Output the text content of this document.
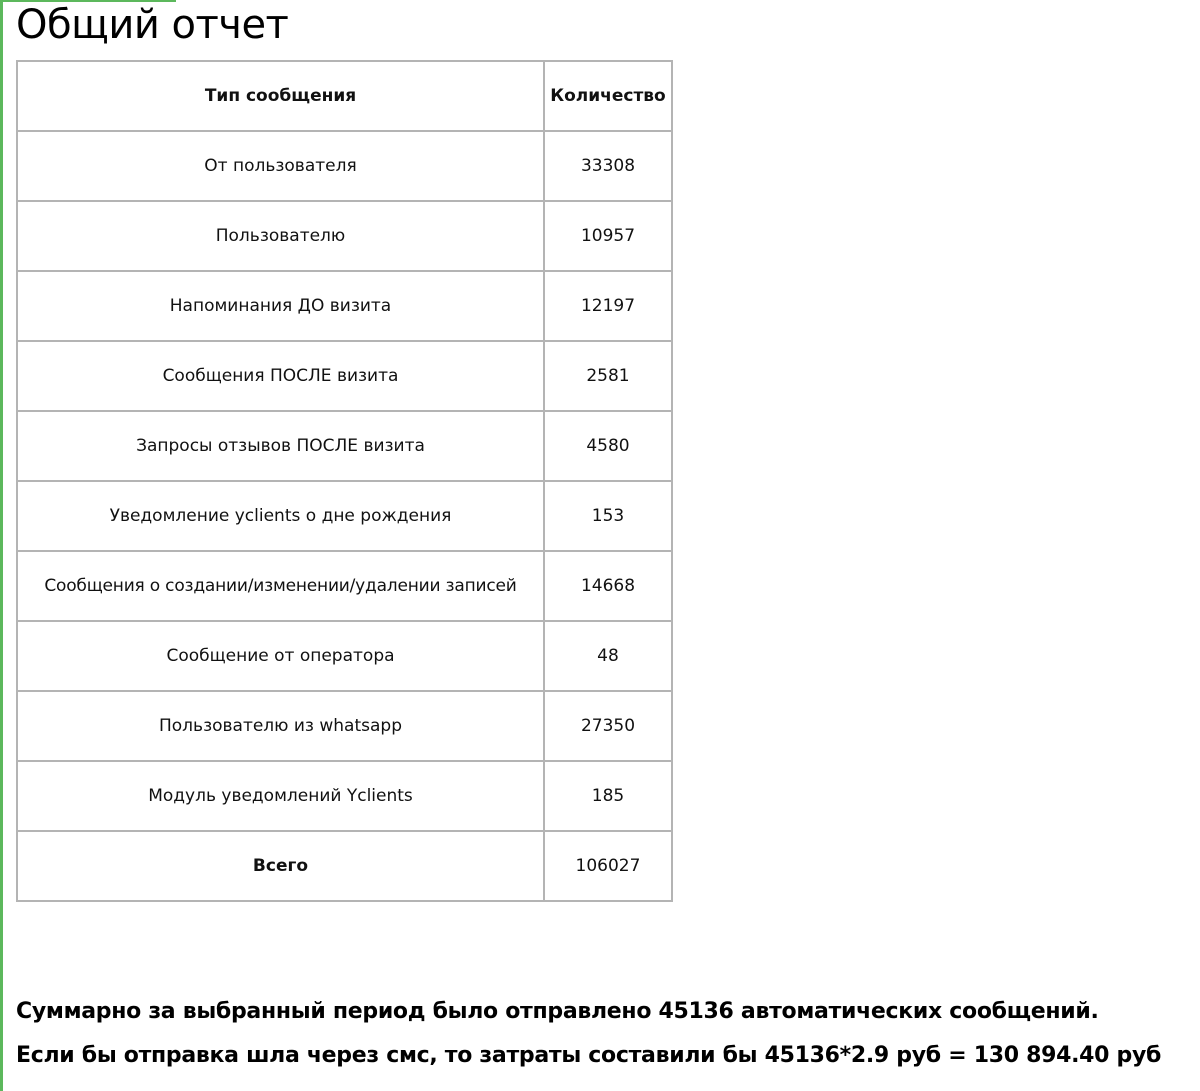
Общий отчет
Тип сообщения	Количество
От пользователя	33308
Пользователю	10957
Напоминания ДО визита	12197
Сообщения ПОСЛЕ визита	2581
Запросы отзывов ПОСЛЕ визита	4580
Уведомление yclients о дне рождения	153
Сообщения о создании/изменении/удалении записей	14668
Сообщение от оператора	48
Пользователю из whatsapp	27350
Модуль уведомлений Yclients	185
Всего	106027

Суммарно за выбранный период было отправлено 45136 автоматических сообщений.

Если бы отправка шла через смс, то затраты составили бы 45136*2.9 руб = 130 894.40 руб
